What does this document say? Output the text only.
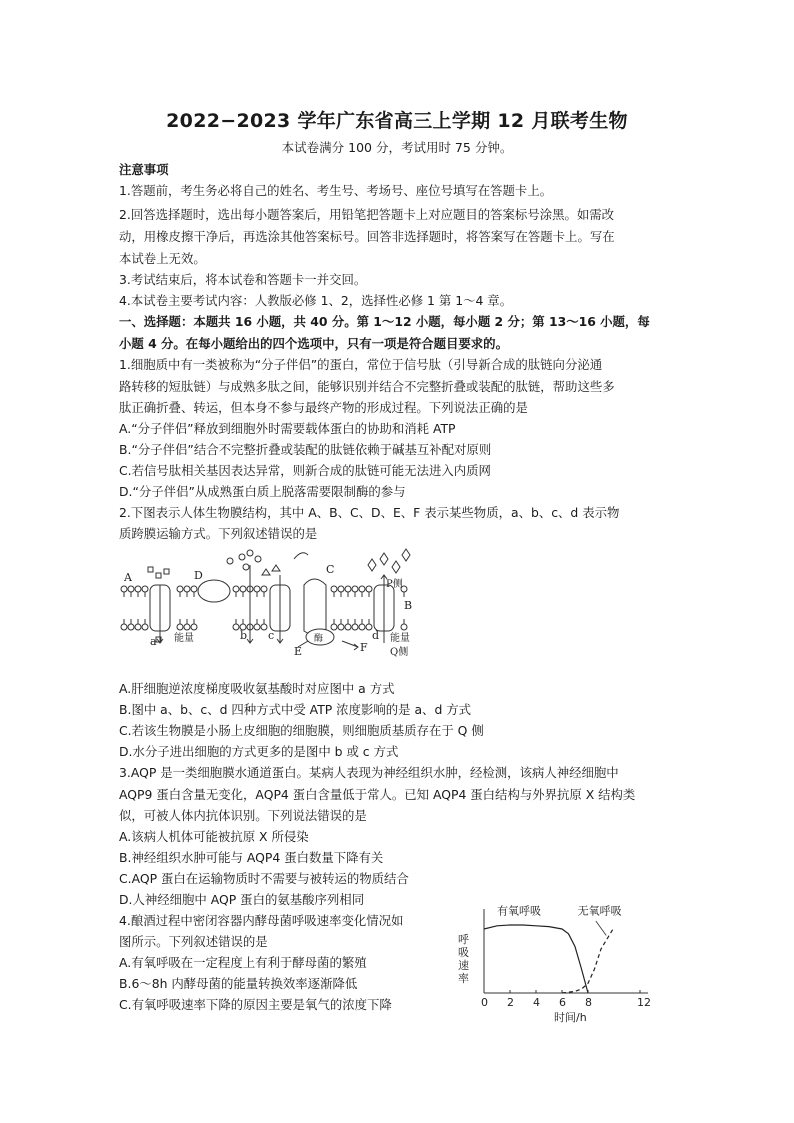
2022−2023 学年广东省高三上学期 12 月联考生物
本试卷满分 100 分，考试用时 75 分钟。
注意事项
1.答题前，考生务必将自己的姓名、考生号、考场号、座位号填写在答题卡上。
2.回答选择题时，选出每小题答案后，用铅笔把答题卡上对应题目的答案标号涂黑。如需改
动，用橡皮擦干净后，再选涂其他答案标号。回答非选择题时，将答案写在答题卡上。写在
本试卷上无效。
3.考试结束后，将本试卷和答题卡一并交回。
4.本试卷主要考试内容：人教版必修 1、2，选择性必修 1 第 1～4 章。
一、选择题：本题共 16 小题，共 40 分。第 1～12 小题，每小题 2 分；第 13～16 小题，每
小题 4 分。在每小题给出的四个选项中，只有一项是符合题目要求的。
1.细胞质中有一类被称为“分子伴侣”的蛋白，常位于信号肽（引导新合成的肽链向分泌通
路转移的短肽链）与成熟多肽之间，能够识别并结合不完整折叠或装配的肽链，帮助这些多
肽正确折叠、转运，但本身不参与最终产物的形成过程。下列说法正确的是
A.“分子伴侣”释放到细胞外时需要载体蛋白的协助和消耗 ATP
B.“分子伴侣”结合不完整折叠或装配的肽链依赖于碱基互补配对原则
C.若信号肽相关基因表达异常，则新合成的肽链可能无法进入内质网
D.“分子伴侣”从成熟蛋白质上脱落需要限制酶的参与
2.下图表示人体生物膜结构，其中 A、B、C、D、E、F 表示某些物质，a、b、c、d 表示物
质跨膜运输方式。下列叙述错误的是
A
B
C
D
E	F
a	b c	d
能量	能量
酶
P侧
Q侧
A.肝细胞逆浓度梯度吸收氨基酸时对应图中 a 方式
B.图中 a、b、c、d 四种方式中受 ATP 浓度影响的是 a、d 方式
C.若该生物膜是小肠上皮细胞的细胞膜，则细胞质基质存在于 Q 侧
D.水分子进出细胞的方式更多的是图中 b 或 c 方式
3.AQP 是一类细胞膜水通道蛋白。某病人表现为神经组织水肿，经检测，该病人神经细胞中
AQP9 蛋白含量无变化，AQP4 蛋白含量低于常人。已知 AQP4 蛋白结构与外界抗原 X 结构类
似，可被人体内抗体识别。下列说法错误的是
A.该病人机体可能被抗原 X 所侵染
B.神经组织水肿可能与 AQP4 蛋白数量下降有关
C.AQP 蛋白在运输物质时不需要与被转运的物质结合
D.人神经细胞中 AQP 蛋白的氨基酸序列相同
4.酿酒过程中密闭容器内酵母菌呼吸速率变化情况如
图所示。下列叙述错误的是
A.有氧呼吸在一定程度上有利于酵母菌的繁殖
B.6～8h 内酵母菌的能量转换效率逐渐降低
C.有氧呼吸速率下降的原因主要是氧气的浓度下降	0 2 4 6 8	12
呼
吸
速
率
时间/h
有氧呼吸	无氧呼吸
